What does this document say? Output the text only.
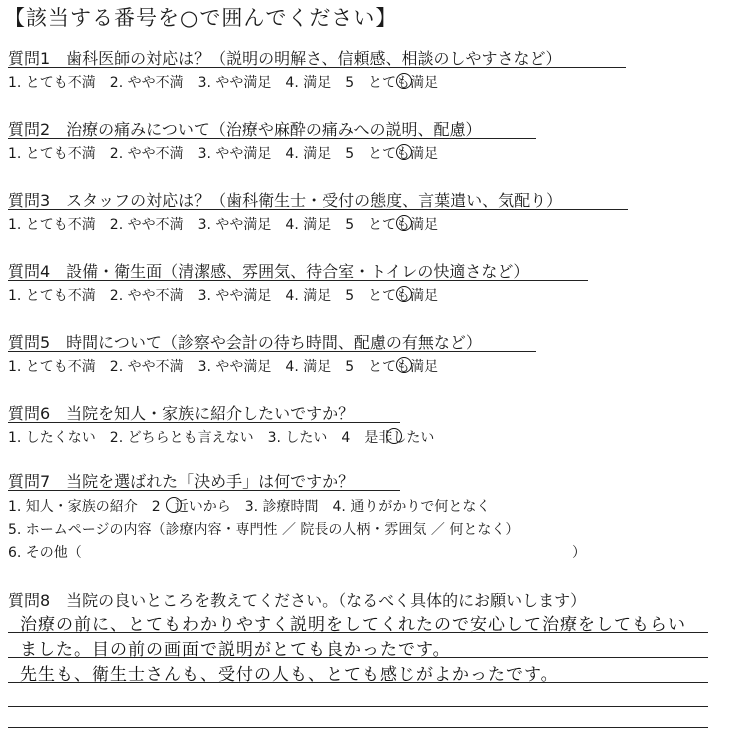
【該当する番号を○で囲んでください】
質問1　歯科医師の対応は？（説明の明解さ、信頼感、相談のしやすさなど）
1. とても不満　2. やや不満　3. やや満足　4. 満足　5　とても満足
質問2　治療の痛みについて（治療や麻酔の痛みへの説明、配慮）
1. とても不満　2. やや不満　3. やや満足　4. 満足　5　とても満足
質問3　スタッフの対応は？（歯科衛生士・受付の態度、言葉遣い、気配り）
1. とても不満　2. やや不満　3. やや満足　4. 満足　5　とても満足
質問4　設備・衛生面（清潔感、雰囲気、待合室・トイレの快適さなど）
1. とても不満　2. やや不満　3. やや満足　4. 満足　5　とても満足
質問5　時間について（診察や会計の待ち時間、配慮の有無など）
1. とても不満　2. やや不満　3. やや満足　4. 満足　5　とても満足
質問6　当院を知人・家族に紹介したいですか？
1. したくない　2. どちらとも言えない　3. したい　4　是非したい
質問7　当院を選ばれた「決め手」は何ですか？
1. 知人・家族の紹介　2　近いから　3. 診療時間　4. 通りがかりで何となく
5. ホームページの内容（診療内容・専門性 ／ 院長の人柄・雰囲気 ／ 何となく）
6. その他（	）
質問8　当院の良いところを教えてください。（なるべく具体的にお願いします）
治療の前に、とてもわかりやすく説明をしてくれたので安心して治療をしてもらい
ました。目の前の画面で説明がとても良かったです。
先生も、衛生士さんも、受付の人も、とても感じがよかったです。
